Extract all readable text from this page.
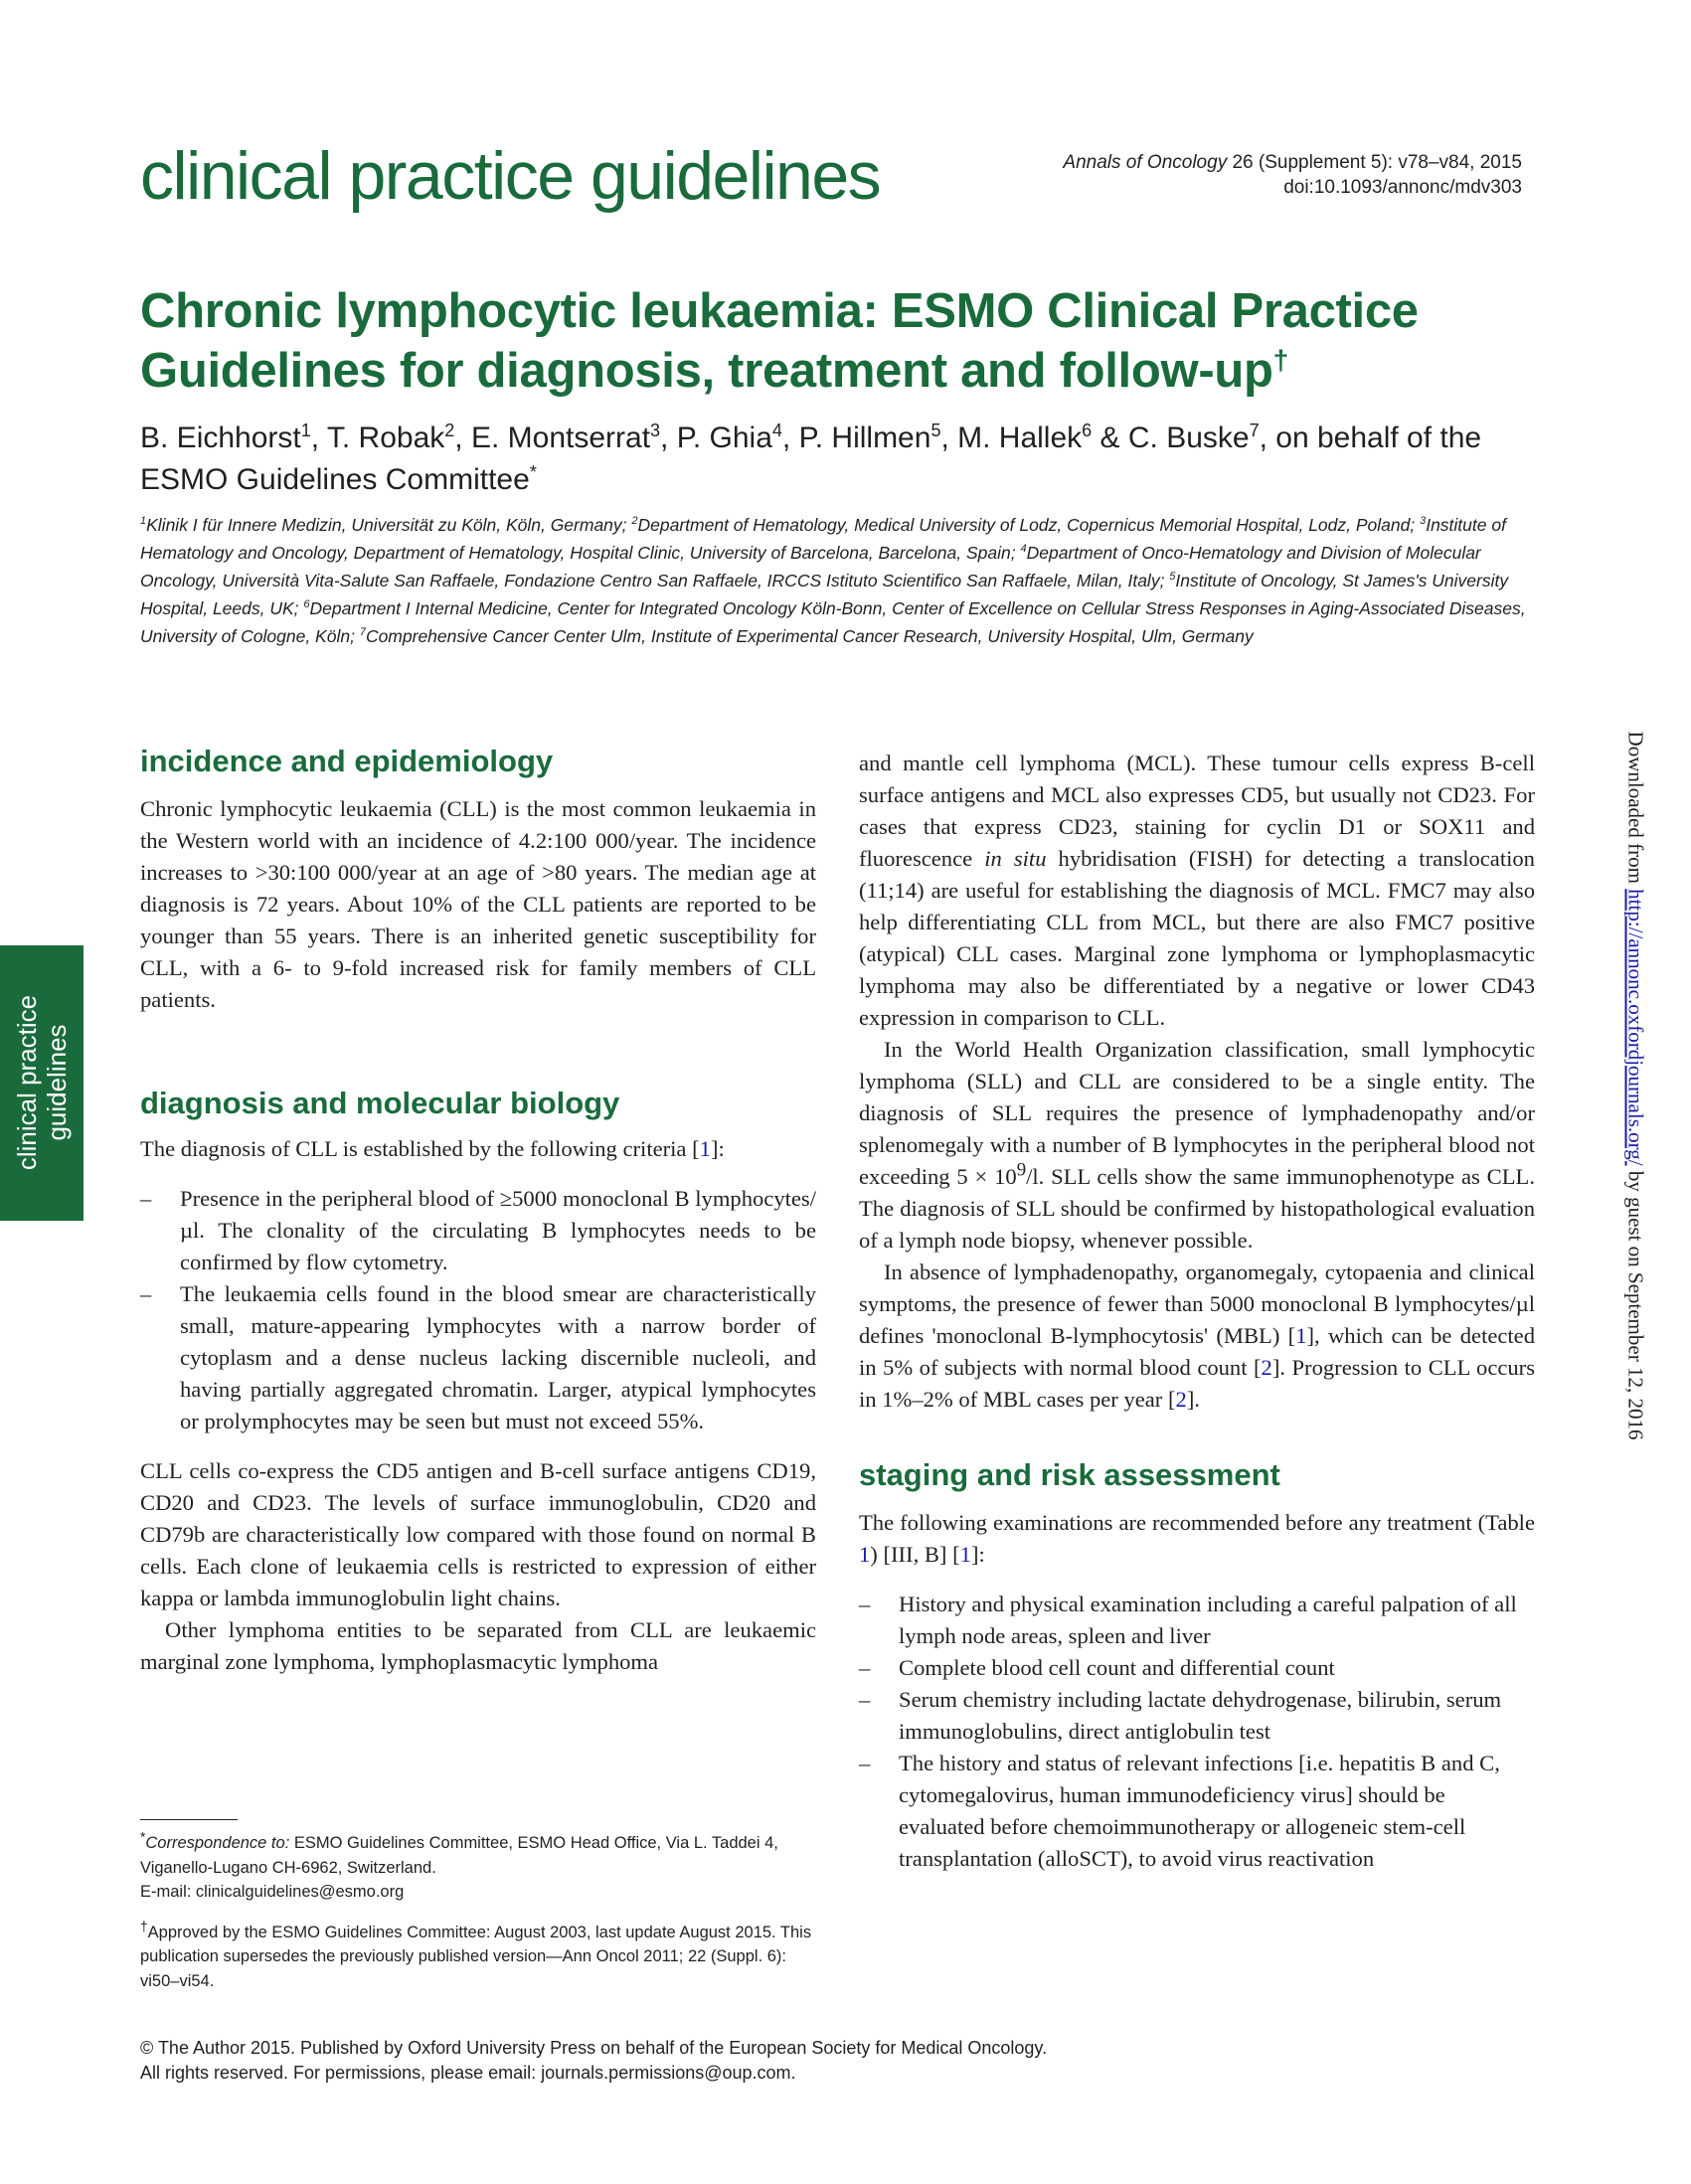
clinical practice guidelines	Annals of Oncology 26 (Supplement 5): v78–v84, 2015
doi:10.1093/annonc/mdv303
Chronic lymphocytic leukaemia: ESMO Clinical Practice Guidelines for diagnosis, treatment and follow-up†
B. Eichhorst$^1$, T. Robak$^2$, E. Montserrat$^3$, P. Ghia$^4$, P. Hillmen$^5$, M. Hallek$^6$ & C. Buske$^7$, on behalf of the ESMO Guidelines Committee*
$^1$Klinik I für Innere Medizin, Universität zu Köln, Köln, Germany; $^2$Department of Hematology, Medical University of Lodz, Copernicus Memorial Hospital, Lodz, Poland; $^3$Institute of Hematology and Oncology, Department of Hematology, Hospital Clinic, University of Barcelona, Barcelona, Spain; $^4$Department of Onco-Hematology and Division of Molecular Oncology, Università Vita-Salute San Raffaele, Fondazione Centro San Raffaele, IRCCS Istituto Scientifico San Raffaele, Milan, Italy; $^5$Institute of Oncology, St James's University Hospital, Leeds, UK; $^6$Department I Internal Medicine, Center for Integrated Oncology Köln-Bonn, Center of Excellence on Cellular Stress Responses in Aging-Associated Diseases, University of Cologne, Köln; $^7$Comprehensive Cancer Center Ulm, Institute of Experimental Cancer Research, University Hospital, Ulm, Germany
clinical practice guidelines
Downloaded from http://annonc.oxfordjournals.org/ by guest on September 12, 2016
incidence and epidemiology

Chronic lymphocytic leukaemia (CLL) is the most common leukaemia in the Western world with an incidence of 4.2:100 000/year. The incidence increases to >30:100 000/year at an age of >80 years. The median age at diagnosis is 72 years. About 10% of the CLL patients are reported to be younger than 55 years. There is an inherited genetic susceptibility for CLL, with a 6- to 9-fold increased risk for family members of CLL patients.

diagnosis and molecular biology

The diagnosis of CLL is established by the following criteria [1]:

– Presence in the peripheral blood of ≥5000 monoclonal B lymphocytes/µl. The clonality of the circulating B lymphocytes needs to be confirmed by flow cytometry.
– The leukaemia cells found in the blood smear are characteristically small, mature-appearing lymphocytes with a narrow border of cytoplasm and a dense nucleus lacking discernible nucleoli, and having partially aggregated chromatin. Larger, atypical lymphocytes or prolymphocytes may be seen but must not exceed 55%.

CLL cells co-express the CD5 antigen and B-cell surface antigens CD19, CD20 and CD23. The levels of surface immunoglobulin, CD20 and CD79b are characteristically low compared with those found on normal B cells. Each clone of leukaemia cells is restricted to expression of either kappa or lambda immunoglobulin light chains.

Other lymphoma entities to be separated from CLL are leukaemic marginal zone lymphoma, lymphoplasmacytic lymphoma

*Correspondence to: ESMO Guidelines Committee, ESMO Head Office, Via L. Taddei 4, Viganello-Lugano CH-6962, Switzerland.
E-mail: clinicalguidelines@esmo.org
†Approved by the ESMO Guidelines Committee: August 2003, last update August 2015. This publication supersedes the previously published version—Ann Oncol 2011; 22 (Suppl. 6): vi50–vi54.

and mantle cell lymphoma (MCL). These tumour cells express B-cell surface antigens and MCL also expresses CD5, but usually not CD23. For cases that express CD23, staining for cyclin D1 or SOX11 and fluorescence in situ hybridisation (FISH) for detecting a translocation (11;14) are useful for establishing the diagnosis of MCL. FMC7 may also help differentiating CLL from MCL, but there are also FMC7 positive (atypical) CLL cases. Marginal zone lymphoma or lymphoplasmacytic lymphoma may also be differentiated by a negative or lower CD43 expression in comparison to CLL.

In the World Health Organization classification, small lymphocytic lymphoma (SLL) and CLL are considered to be a single entity. The diagnosis of SLL requires the presence of lymphadenopathy and/or splenomegaly with a number of B lymphocytes in the peripheral blood not exceeding $5 \times 10^9/l$. SLL cells show the same immunophenotype as CLL. The diagnosis of SLL should be confirmed by histopathological evaluation of a lymph node biopsy, whenever possible.

In absence of lymphadenopathy, organomegaly, cytopaenia and clinical symptoms, the presence of fewer than 5000 monoclonal B lymphocytes/µl defines 'monoclonal B-lymphocytosis' (MBL) [1], which can be detected in 5% of subjects with normal blood count [2]. Progression to CLL occurs in 1%–2% of MBL cases per year [2].

staging and risk assessment

The following examinations are recommended before any treatment (Table 1) [III, B] [1]:

– History and physical examination including a careful palpation of all lymph node areas, spleen and liver
– Complete blood cell count and differential count
– Serum chemistry including lactate dehydrogenase, bilirubin, serum immunoglobulins, direct antiglobulin test
– The history and status of relevant infections [i.e. hepatitis B and C, cytomegalovirus, human immunodeficiency virus] should be evaluated before chemoimmunotherapy or allogeneic stem-cell transplantation (alloSCT), to avoid virus reactivation
© The Author 2015. Published by Oxford University Press on behalf of the European Society for Medical Oncology.
All rights reserved. For permissions, please email: journals.permissions@oup.com.
